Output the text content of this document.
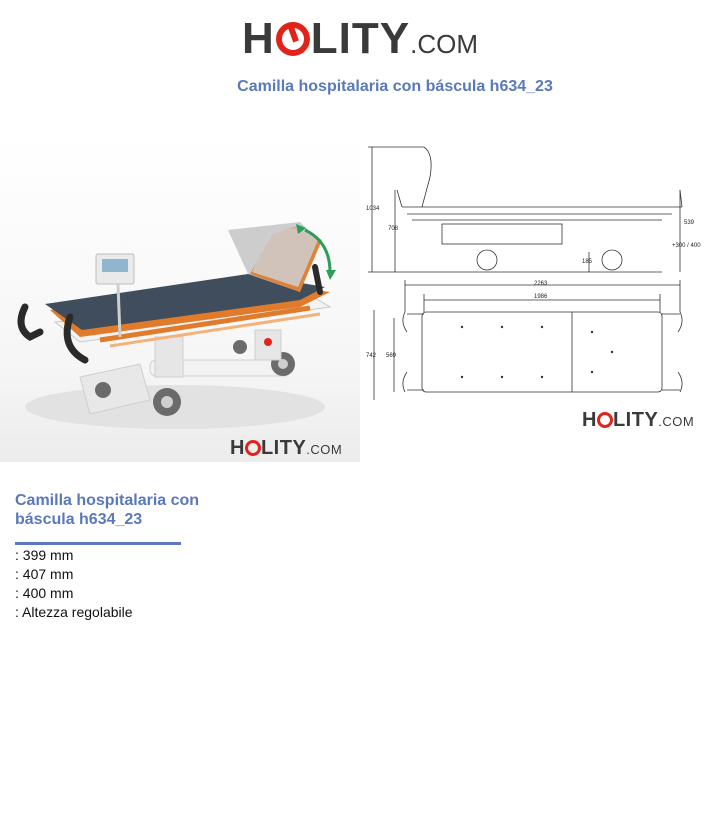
H LITY.COM
Camilla hospitalaria con báscula h634_23
H LITY.COM
1034
708
539
+300 / 400
185
2263
1986
742 569
H LITY.COM
Camilla hospitalaria con báscula h634_23
: 399 mm
: 407 mm
: 400 mm
: Altezza regolabile
